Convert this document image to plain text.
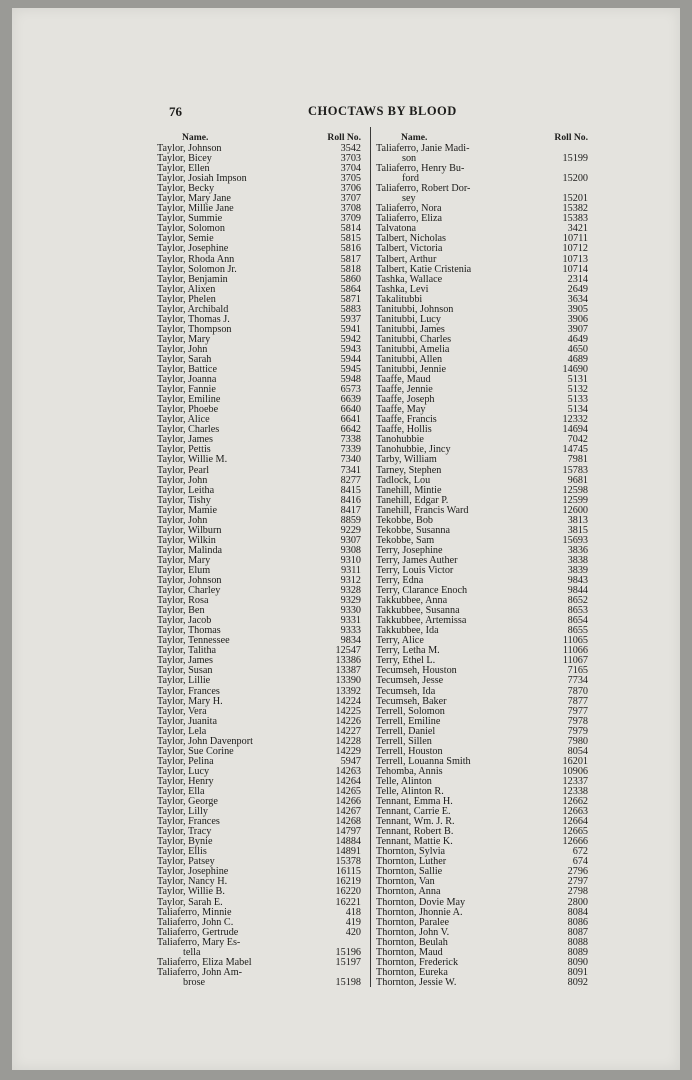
76	CHOCTAWS BY BLOOD
Name.	Roll No.
Taylor, Johnson	3542
Taylor, Bicey	3703
Taylor, Ellen	3704
Taylor, Josiah Impson	3705
Taylor, Becky	3706
Taylor, Mary Jane	3707
Taylor, Millie Jane	3708
Taylor, Summie	3709
Taylor, Solomon	5814
Taylor, Semie	5815
Taylor, Josephine	5816
Taylor, Rhoda Ann	5817
Taylor, Solomon Jr.	5818
Taylor, Benjamin	5860
Taylor, Alixen	5864
Taylor, Phelen	5871
Taylor, Archibald	5883
Taylor, Thomas J.	5937
Taylor, Thompson	5941
Taylor, Mary	5942
Taylor, John	5943
Taylor, Sarah	5944
Taylor, Battice	5945
Taylor, Joanna	5948
Taylor, Fannie	6573
Taylor, Emiline	6639
Taylor, Phoebe	6640
Taylor, Alice	6641
Taylor, Charles	6642
Taylor, James	7338
Taylor, Pettis	7339
Taylor, Willie M.	7340
Taylor, Pearl	7341
Taylor, John	8277
Taylor, Leitha	8415
Taylor, Tishy	8416
Taylor, Mamie	8417
Taylor, John	8859
Taylor, Wilburn	9229
Taylor, Wilkin	9307
Taylor, Malinda	9308
Taylor, Mary	9310
Taylor, Elum	9311
Taylor, Johnson	9312
Taylor, Charley	9328
Taylor, Rosa	9329
Taylor, Ben	9330
Taylor, Jacob	9331
Taylor, Thomas	9333
Taylor, Tennessee	9834
Taylor, Talitha	12547
Taylor, James	13386
Taylor, Susan	13387
Taylor, Lillie	13390
Taylor, Frances	13392
Taylor, Mary H.	14224
Taylor, Vera	14225
Taylor, Juanita	14226
Taylor, Lela	14227
Taylor, John Davenport	14228
Taylor, Sue Corine	14229
Taylor, Pelina	5947
Taylor, Lucy	14263
Taylor, Henry	14264
Taylor, Ella	14265
Taylor, George	14266
Taylor, Lilly	14267
Taylor, Frances	14268
Taylor, Tracy	14797
Taylor, Bynie	14884
Taylor, Ellis	14891
Taylor, Patsey	15378
Taylor, Josephine	16115
Taylor, Nancy H.	16219
Taylor, Willie B.	16220
Taylor, Sarah E.	16221
Taliaferro, Minnie	418
Taliaferro, John C.	419
Taliaferro, Gertrude	420
Taliaferro, Mary Es-
tella	15196
Taliaferro, Eliza Mabel	15197
Taliaferro, John Am-
brose	15198
Name.	Roll No.
Taliaferro, Janie Madi-
son	15199
Taliaferro, Henry Bu-
ford	15200
Taliaferro, Robert Dor-
sey	15201
Taliaferro, Nora	15382
Taliaferro, Eliza	15383
Talvatona	3421
Talbert, Nicholas	10711
Talbert, Victoria	10712
Talbert, Arthur	10713
Talbert, Katie Cristenia	10714
Tashka, Wallace	2314
Tashka, Levi	2649
Takalitubbi	3634
Tanitubbi, Johnson	3905
Tanitubbi, Lucy	3906
Tanitubbi, James	3907
Tanitubbi, Charles	4649
Tanitubbi, Amelia	4650
Tanitubbi, Allen	4689
Tanitubbi, Jennie	14690
Taaffe, Maud	5131
Taaffe, Jennie	5132
Taaffe, Joseph	5133
Taaffe, May	5134
Taaffe, Francis	12332
Taaffe, Hollis	14694
Tanohubbie	7042
Tanohubbie, Jincy	14745
Tarby, William	7981
Tarney, Stephen	15783
Tadlock, Lou	9681
Tanehill, Mintie	12598
Tanehill, Edgar P.	12599
Tanehill, Francis Ward	12600
Tekobbe, Bob	3813
Tekobbe, Susanna	3815
Tekobbe, Sam	15693
Terry, Josephine	3836
Terry, James Auther	3838
Terry, Louis Victor	3839
Terry, Edna	9843
Terry, Clarance Enoch	9844
Takkubbee, Anna	8652
Takkubbee, Susanna	8653
Takkubbee, Artemissa	8654
Takkubbee, Ida	8655
Terry, Alice	11065
Terry, Letha M.	11066
Terry, Ethel L.	11067
Tecumseh, Houston	7165
Tecumseh, Jesse	7734
Tecumseh, Ida	7870
Tecumseh, Baker	7877
Terrell, Solomon	7977
Terrell, Emiline	7978
Terrell, Daniel	7979
Terrell, Sillen	7980
Terrell, Houston	8054
Terrell, Louanna Smith	16201
Tehomba, Annis	10906
Telle, Alinton	12337
Telle, Alinton R.	12338
Tennant, Emma H.	12662
Tennant, Carrie E.	12663
Tennant, Wm. J. R.	12664
Tennant, Robert B.	12665
Tennant, Mattie K.	12666
Thornton, Sylvia	672
Thornton, Luther	674
Thornton, Sallie	2796
Thornton, Van	2797
Thornton, Anna	2798
Thornton, Dovie May	2800
Thornton, Jhonnie A.	8084
Thornton, Paralee	8086
Thornton, John V.	8087
Thornton, Beulah	8088
Thornton, Maud	8089
Thornton, Frederick	8090
Thornton, Eureka	8091
Thornton, Jessie W.	8092
